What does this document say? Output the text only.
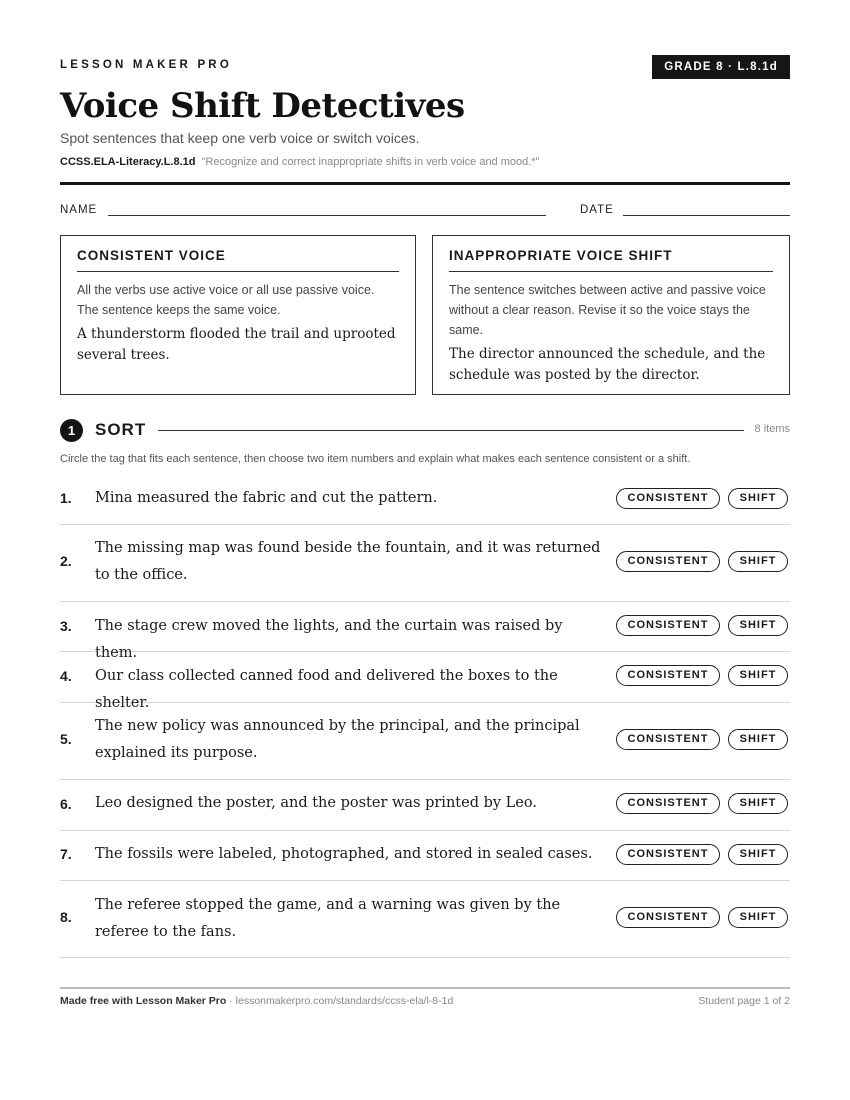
LESSON MAKER PRO	GRADE 8 · L.8.1d
Voice Shift Detectives
Spot sentences that keep one verb voice or switch voices.
CCSS.ELA-Literacy.L.8.1d "Recognize and correct inappropriate shifts in verb voice and mood.*"
NAME	DATE
CONSISTENT VOICE
All the verbs use active voice or all use passive voice. The sentence keeps the same voice.
A thunderstorm flooded the trail and uprooted several trees.
INAPPROPRIATE VOICE SHIFT
The sentence switches between active and passive voice without a clear reason. Revise it so the voice stays the same.
The director announced the schedule, and the schedule was posted by the director.
1	SORT	8 items
Circle the tag that fits each sentence, then choose two item numbers and explain what makes each sentence consistent or a shift.
1. Mina measured the fabric and cut the pattern.	CONSISTENT	SHIFT
2.
The missing map was found beside the fountain, and it was returned to the office.
CONSISTENT	SHIFT
3. The stage crew moved the lights, and the curtain was raised by them.
CONSISTENT	SHIFT
4. Our class collected canned food and delivered the boxes to the shelter.
CONSISTENT	SHIFT
5.
The new policy was announced by the principal, and the principal explained its purpose.
CONSISTENT	SHIFT
6. Leo designed the poster, and the poster was printed by Leo.	CONSISTENT	SHIFT
7. The fossils were labeled, photographed, and stored in sealed cases.	CONSISTENT	SHIFT
8.
The referee stopped the game, and a warning was given by the referee to the fans.
CONSISTENT	SHIFT
Made free with Lesson Maker Pro · lessonmakerpro.com/standards/ccss-ela/l-8-1d	Student page 1 of 2
